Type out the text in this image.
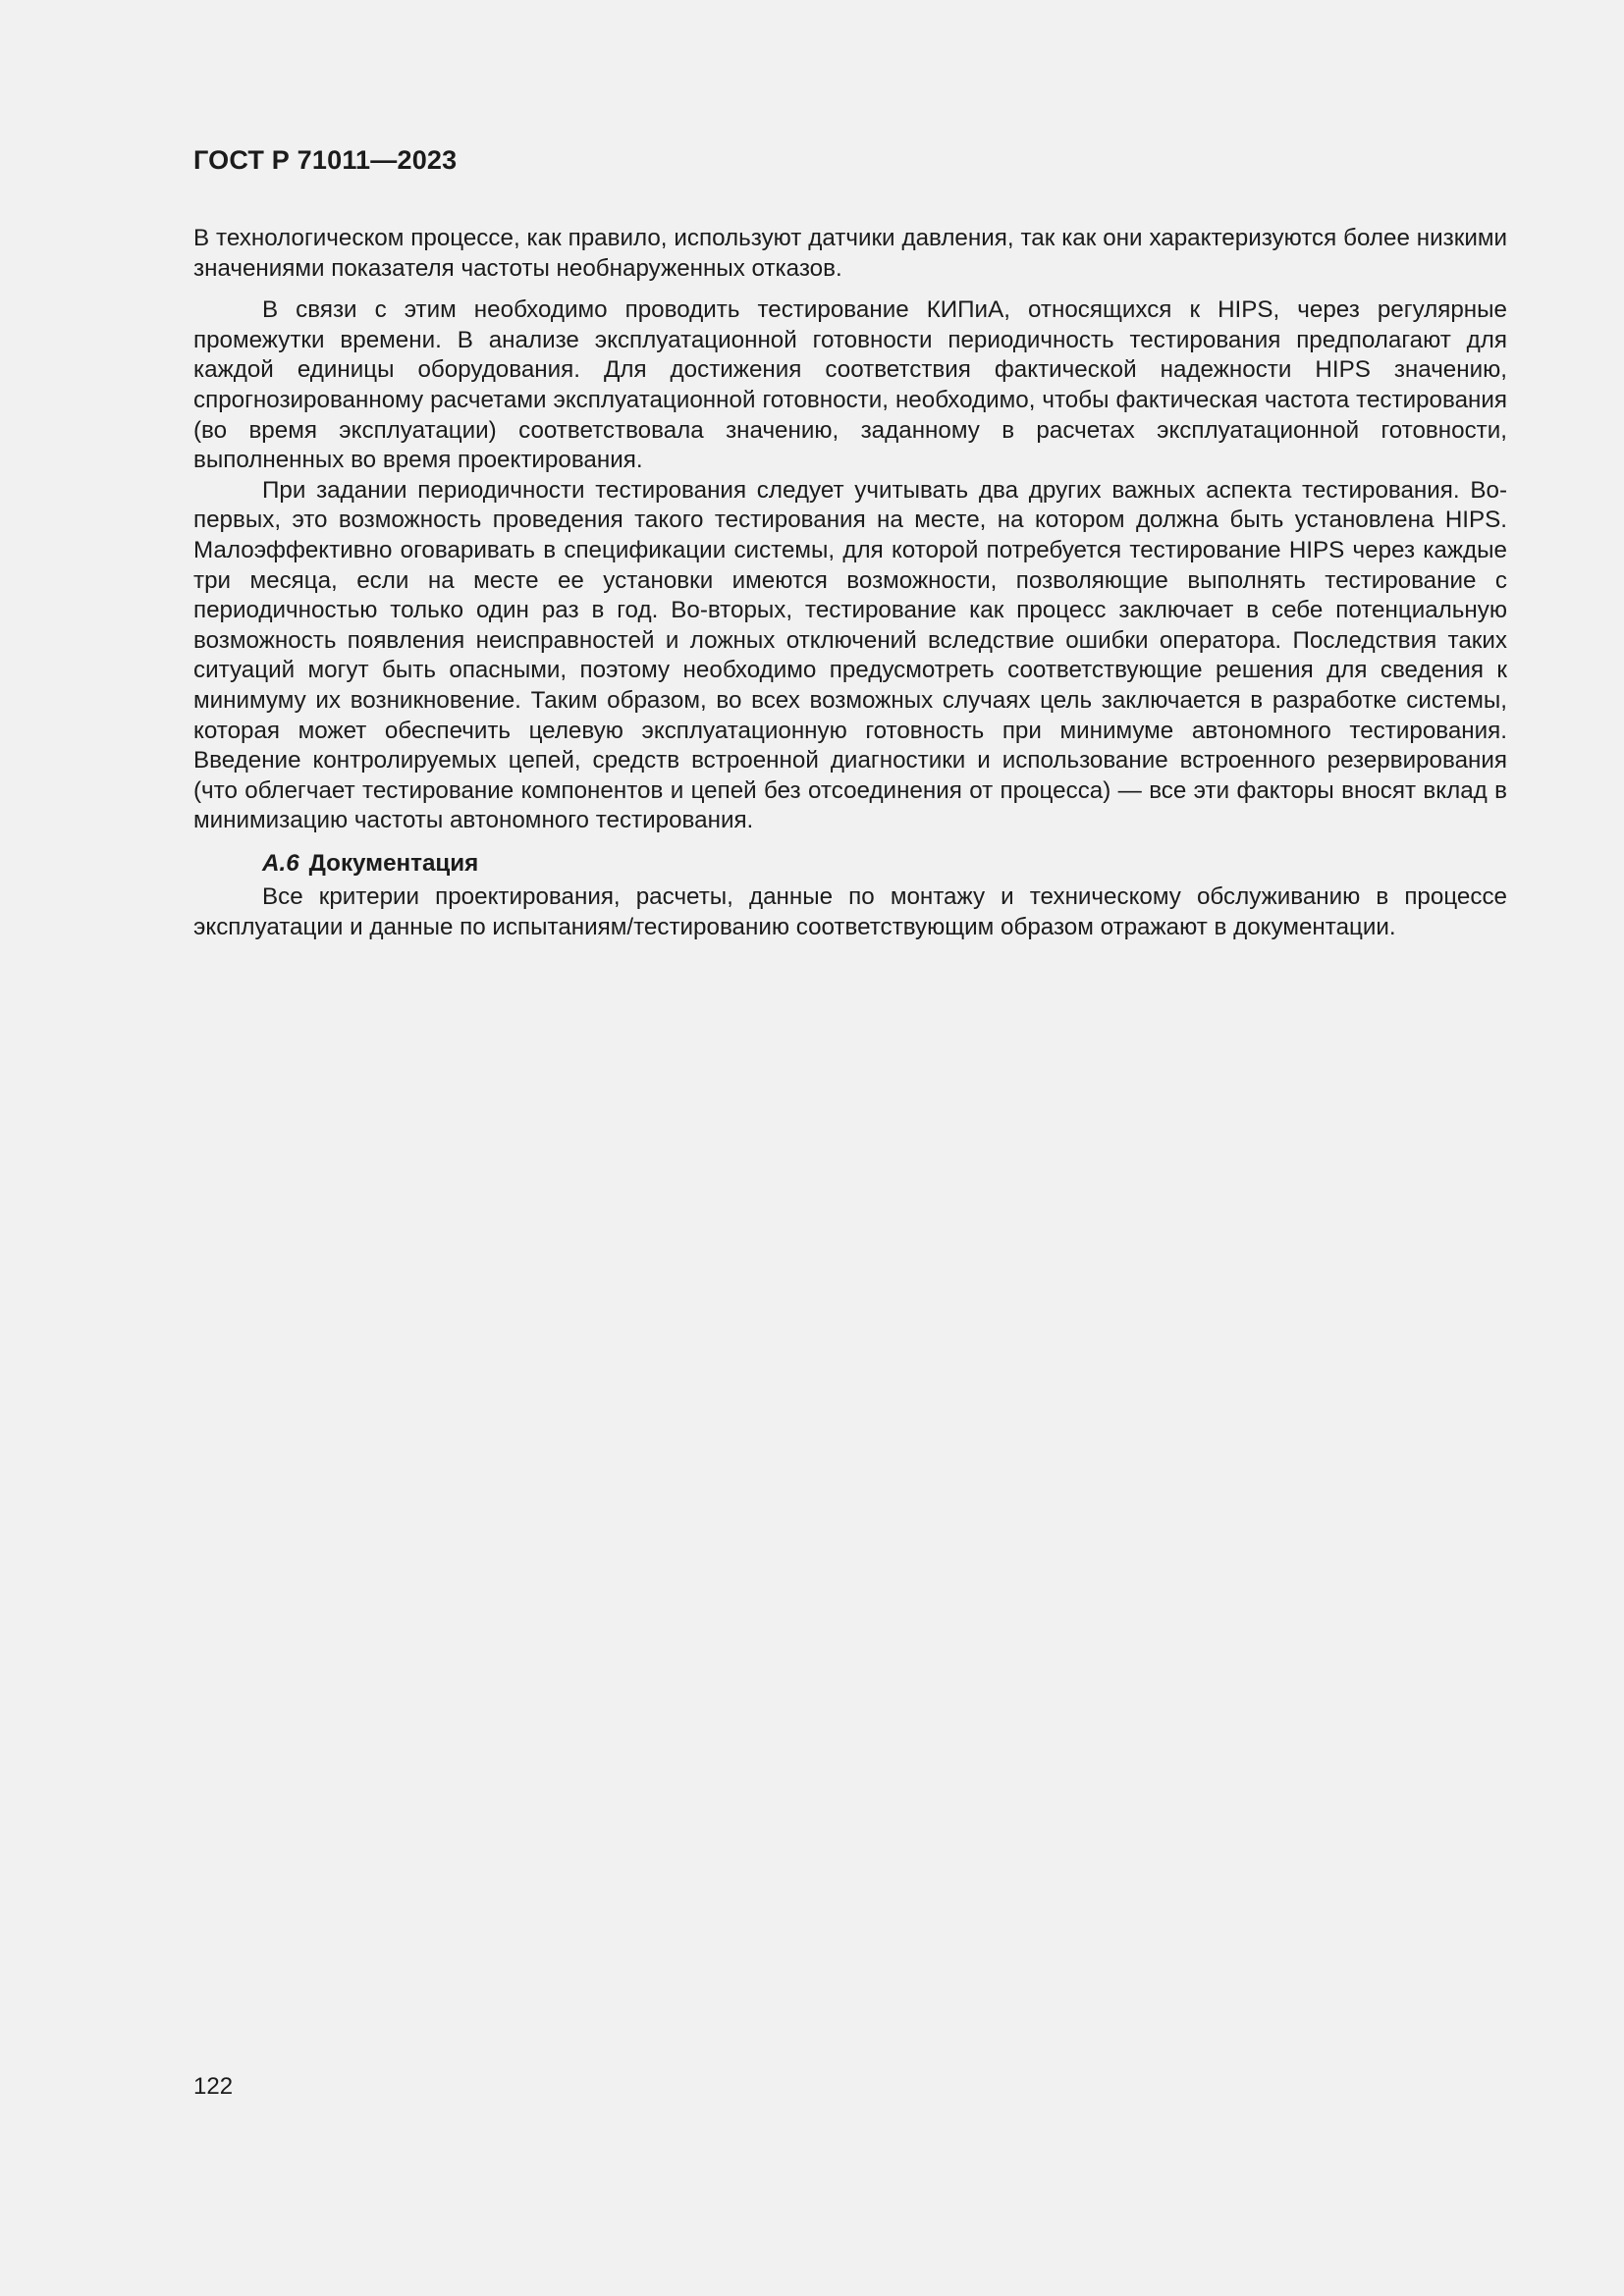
ГОСТ Р 71011—2023

В технологическом процессе, как правило, используют датчики давления, так как они характеризуются более низкими значениями показателя частоты необнаруженных отказов.

В связи с этим необходимо проводить тестирование КИПиА, относящихся к HIPS, через регулярные промежутки времени. В анализе эксплуатационной готовности периодичность тестирования предполагают для каждой единицы оборудования. Для достижения соответствия фактической надежности HIPS значению, спрогнозированному расчетами эксплуатационной готовности, необходимо, чтобы фактическая частота тестирования (во время эксплуатации) соответствовала значению, заданному в расчетах эксплуатационной готовности, выполненных во время проектирования.

При задании периодичности тестирования следует учитывать два других важных аспекта тестирования. Во-первых, это возможность проведения такого тестирования на месте, на котором должна быть установлена HIPS. Малоэффективно оговаривать в спецификации системы, для которой потребуется тестирование HIPS через каждые три месяца, если на месте ее установки имеются возможности, позволяющие выполнять тестирование с периодичностью только один раз в год. Во-вторых, тестирование как процесс заключает в себе потенциальную возможность появления неисправностей и ложных отключений вследствие ошибки оператора. Последствия таких ситуаций могут быть опасными, поэтому необходимо предусмотреть соответствующие решения для сведения к минимуму их возникновение. Таким образом, во всех возможных случаях цель заключается в разработке системы, которая может обеспечить целевую эксплуатационную готовность при минимуме автономного тестирования. Введение контролируемых цепей, средств встроенной диагностики и использование встроенного резервирования (что облегчает тестирование компонентов и цепей без отсоединения от процесса) — все эти факторы вносят вклад в минимизацию частоты автономного тестирования.

A.6 Документация

Все критерии проектирования, расчеты, данные по монтажу и техническому обслуживанию в процессе эксплуатации и данные по испытаниям/тестированию соответствующим образом отражают в документации.

122
